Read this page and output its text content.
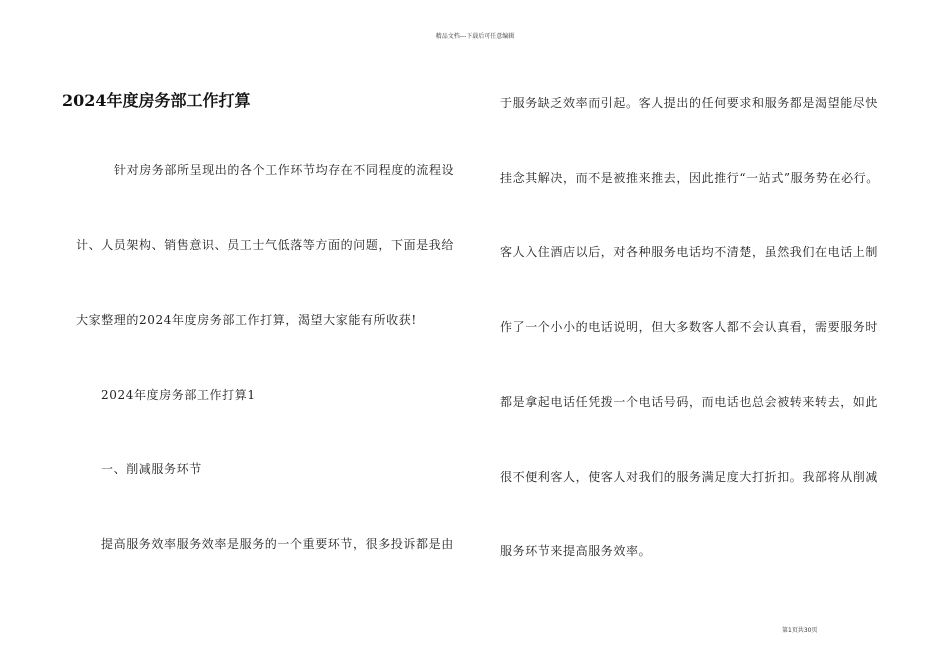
精品文档---下载后可任意编辑
2024年度房务部工作打算
针对房务部所呈现出的各个工作环节均存在不同程度的流程设
计、人员架构、销售意识、员工士气低落等方面的问题，下面是我给
大家整理的2024年度房务部工作打算，渴望大家能有所收获!
2024年度房务部工作打算1
一、削减服务环节
提高服务效率服务效率是服务的一个重要环节，很多投诉都是由
于服务缺乏效率而引起。客人提出的任何要求和服务都是渴望能尽快
挂念其解决，而不是被推来推去，因此推行“一站式”服务势在必行。
客人入住酒店以后，对各种服务电话均不清楚，虽然我们在电话上制
作了一个小小的电话说明，但大多数客人都不会认真看，需要服务时
都是拿起电话任凭拨一个电话号码，而电话也总会被转来转去，如此
很不便利客人，使客人对我们的服务满足度大打折扣。我部将从削减
服务环节来提高服务效率。
第1页共30页
